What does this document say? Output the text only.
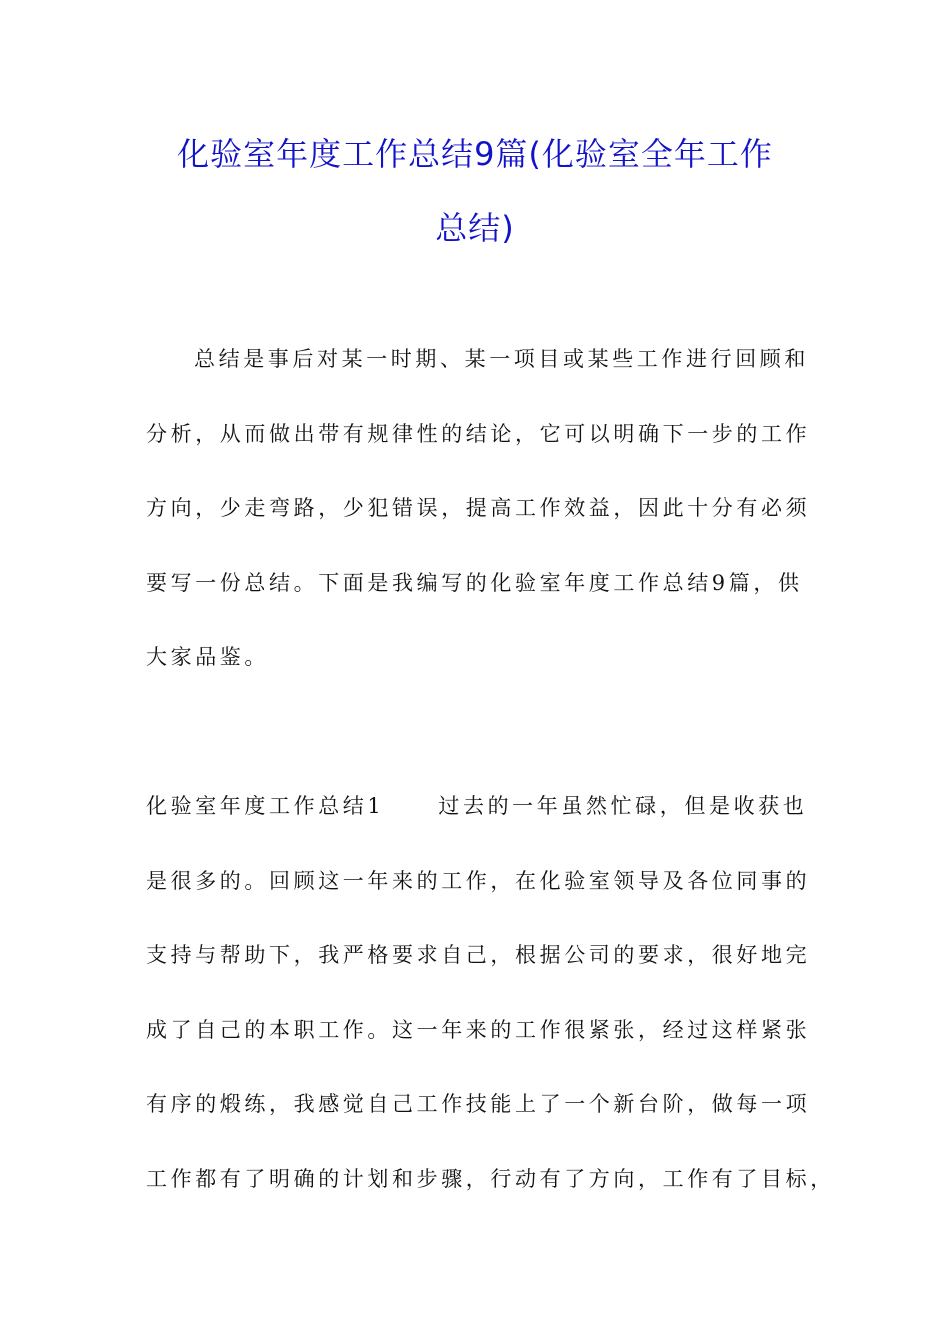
化验室年度工作总结9篇(化验室全年工作
总结)
总结是事后对某一时期、某一项目或某些工作进行回顾和
分析，从而做出带有规律性的结论，它可以明确下一步的工作
方向，少走弯路，少犯错误，提高工作效益，因此十分有必须
要写一份总结。下面是我编写的化验室年度工作总结9篇，供
大家品鉴。
化验室年度工作总结1	过去的一年虽然忙碌，但是收获也
是很多的。回顾这一年来的工作，在化验室领导及各位同事的
支持与帮助下，我严格要求自己，根据公司的要求，很好地完
成了自己的本职工作。这一年来的工作很紧张，经过这样紧张
有序的煅练，我感觉自己工作技能上了一个新台阶，做每一项
工作都有了明确的计划和步骤，行动有了方向，工作有了目标，
